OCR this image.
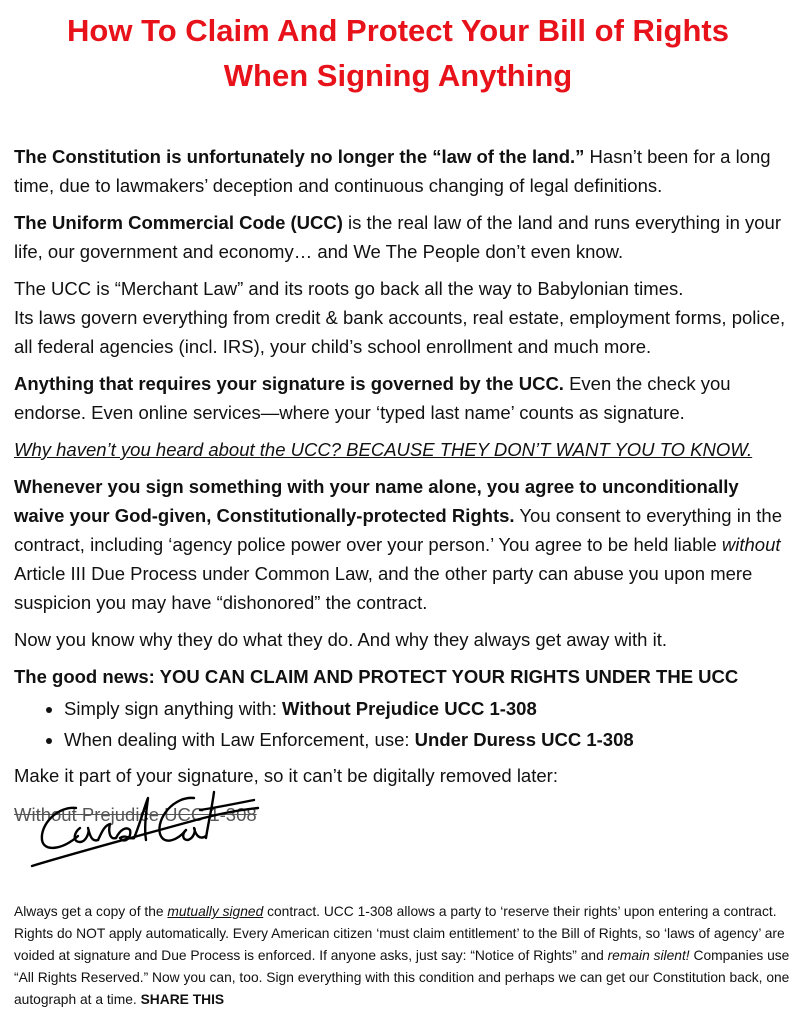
How To Claim And Protect Your Bill of Rights
When Signing Anything

The Constitution is unfortunately no longer the “law of the land.” Hasn’t been for a long time, due to lawmakers’ deception and continuous changing of legal definitions.

The Uniform Commercial Code (UCC) is the real law of the land and runs everything in your life, our government and economy… and We The People don’t even know.

The UCC is “Merchant Law” and its roots go back all the way to Babylonian times.
Its laws govern everything from credit & bank accounts, real estate, employment forms, police, all federal agencies (incl. IRS), your child’s school enrollment and much more.

Anything that requires your signature is governed by the UCC. Even the check you endorse. Even online services—where your ‘typed last name’ counts as signature.

Why haven’t you heard about the UCC? BECAUSE THEY DON’T WANT YOU TO KNOW.

Whenever you sign something with your name alone, you agree to unconditionally waive your God-given, Constitutionally-protected Rights. You consent to everything in the contract, including ‘agency police power over your person.’ You agree to be held liable without Article III Due Process under Common Law, and the other party can abuse you upon mere suspicion you may have “dishonored” the contract.

Now you know why they do what they do. And why they always get away with it.

The good news: YOU CAN CLAIM AND PROTECT YOUR RIGHTS UNDER THE UCC

• Simply sign anything with: Without Prejudice UCC 1-308
• When dealing with Law Enforcement, use: Under Duress UCC 1-308

Make it part of your signature, so it can’t be digitally removed later:

Without Prejudice UCC 1-308
Always get a copy of the mutually signed contract. UCC 1-308 allows a party to ‘reserve their rights’ upon entering a contract. Rights do NOT apply automatically. Every American citizen ‘must claim entitlement’ to the Bill of Rights, so ‘laws of agency’ are voided at signature and Due Process is enforced. If anyone asks, just say: “Notice of Rights” and remain silent! Companies use “All Rights Reserved.” Now you can, too. Sign everything with this condition and perhaps we can get our Constitution back, one autograph at a time. SHARE THIS
